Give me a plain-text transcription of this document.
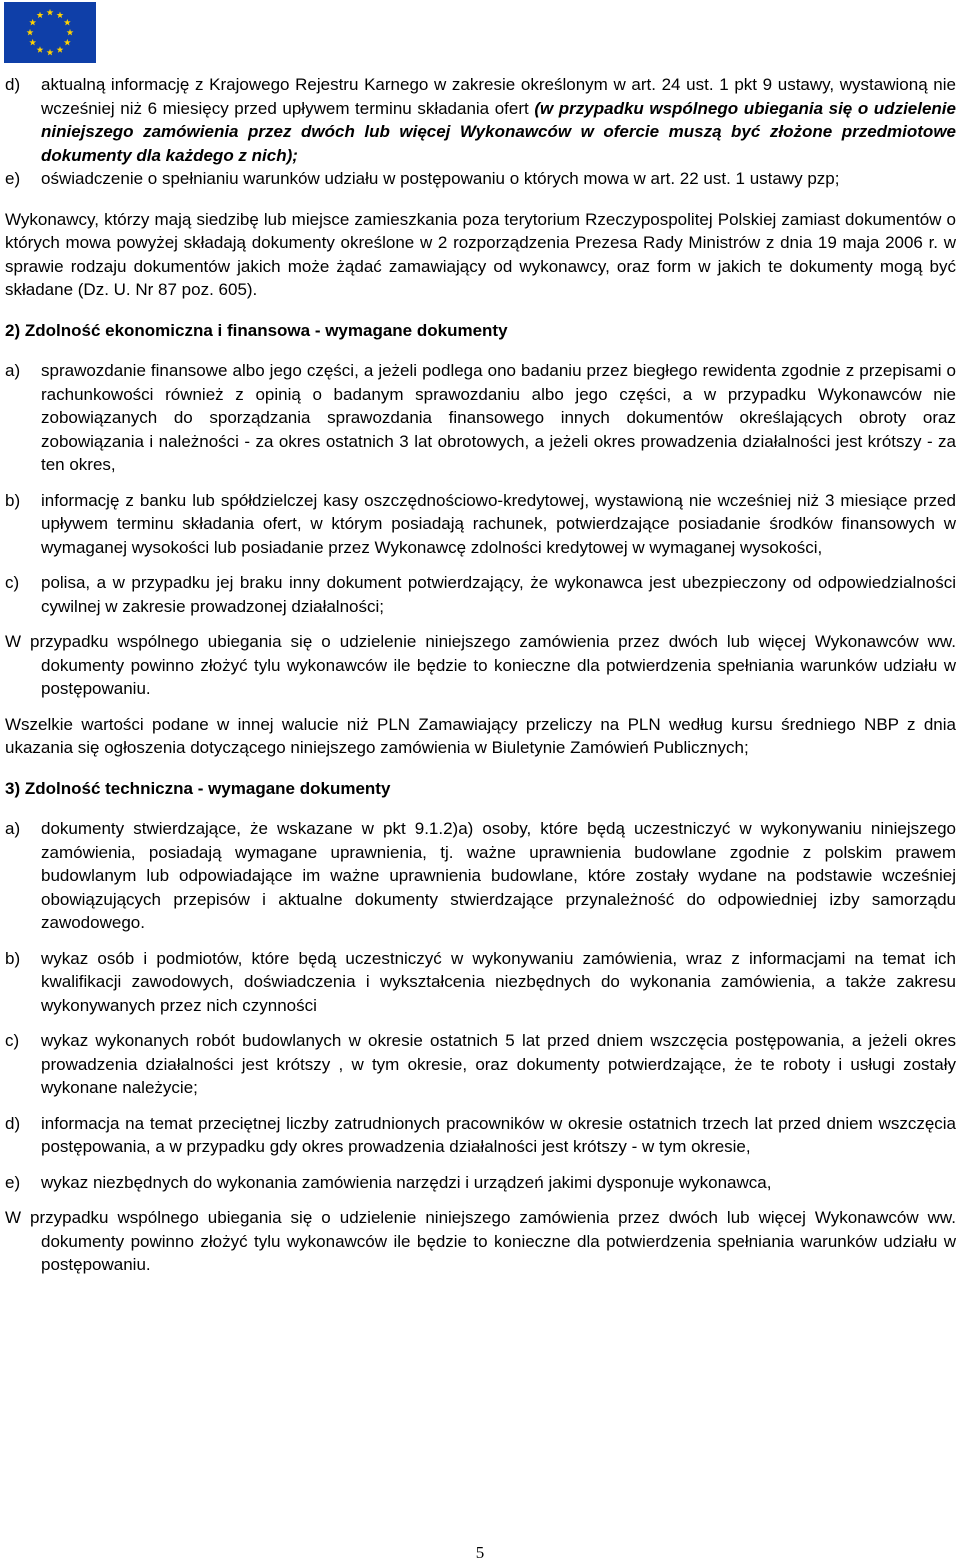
d)	aktualną informację z Krajowego Rejestru Karnego w zakresie określonym w art. 24 ust. 1 pkt 9 ustawy, wystawioną nie wcześniej niż 6 miesięcy przed upływem terminu składania ofert (w przypadku wspólnego ubiegania się o udzielenie niniejszego zamówienia przez dwóch lub więcej Wykonawców w ofercie muszą być złożone przedmiotowe dokumenty dla każdego z nich);
e)	oświadczenie o spełnianiu warunków udziału w postępowaniu o których mowa w art. 22 ust. 1 ustawy pzp;
Wykonawcy, którzy mają siedzibę lub miejsce zamieszkania poza terytorium Rzeczypospolitej Polskiej zamiast dokumentów o których mowa powyżej składają dokumenty określone w 2 rozporządzenia Prezesa Rady Ministrów z dnia 19 maja 2006 r. w sprawie rodzaju dokumentów jakich może żądać zamawiający od wykonawcy, oraz form w jakich te dokumenty mogą być składane (Dz. U. Nr 87 poz. 605).
2) Zdolność ekonomiczna i finansowa - wymagane dokumenty
a)	sprawozdanie finansowe albo jego części, a jeżeli podlega ono badaniu przez biegłego rewidenta zgodnie z przepisami o rachunkowości również z opinią o badanym sprawozdaniu albo jego części, a w przypadku Wykonawców nie zobowiązanych do sporządzania sprawozdania finansowego innych dokumentów określających obroty oraz zobowiązania i należności - za okres ostatnich 3 lat obrotowych, a jeżeli okres prowadzenia działalności jest krótszy - za ten okres,
b)	informację z banku lub spółdzielczej kasy oszczędnościowo-kredytowej, wystawioną nie wcześniej niż 3 miesiące przed upływem terminu składania ofert, w którym posiadają rachunek, potwierdzające posiadanie środków finansowych w wymaganej wysokości lub posiadanie przez Wykonawcę zdolności kredytowej w wymaganej wysokości,
c)	polisa, a w przypadku jej braku inny dokument potwierdzający, że wykonawca jest ubezpieczony od odpowiedzialności cywilnej w zakresie prowadzonej działalności;
W przypadku wspólnego ubiegania się o udzielenie niniejszego zamówienia przez dwóch lub więcej Wykonawców ww. dokumenty powinno złożyć tylu wykonawców ile będzie to konieczne dla potwierdzenia spełniania warunków udziału w postępowaniu.
Wszelkie wartości podane w innej walucie niż PLN Zamawiający przeliczy na PLN według kursu średniego NBP z dnia ukazania się ogłoszenia dotyczącego niniejszego zamówienia w Biuletynie Zamówień Publicznych;
3) Zdolność techniczna - wymagane dokumenty
a)	dokumenty stwierdzające, że wskazane w pkt 9.1.2)a) osoby, które będą uczestniczyć w wykonywaniu niniejszego zamówienia, posiadają wymagane uprawnienia, tj. ważne uprawnienia budowlane zgodnie z polskim prawem budowlanym lub odpowiadające im ważne uprawnienia budowlane, które zostały wydane na podstawie wcześniej obowiązujących przepisów i aktualne dokumenty stwierdzające przynależność do odpowiedniej izby samorządu zawodowego.
b)	wykaz osób i podmiotów, które będą uczestniczyć w wykonywaniu zamówienia, wraz z informacjami na temat ich kwalifikacji zawodowych, doświadczenia i wykształcenia niezbędnych do wykonania zamówienia, a także zakresu wykonywanych przez nich czynności
c)	wykaz wykonanych robót budowlanych w okresie ostatnich 5 lat przed dniem wszczęcia postępowania, a jeżeli okres prowadzenia działalności jest krótszy , w tym okresie, oraz dokumenty potwierdzające, że te roboty i usługi zostały wykonane należycie;
d)	informacja na temat przeciętnej liczby zatrudnionych pracowników w okresie ostatnich trzech lat przed dniem wszczęcia postępowania, a w przypadku gdy okres prowadzenia działalności jest krótszy - w tym okresie,
e)	wykaz niezbędnych do wykonania zamówienia narzędzi i urządzeń jakimi dysponuje wykonawca,
W przypadku wspólnego ubiegania się o udzielenie niniejszego zamówienia przez dwóch lub więcej Wykonawców ww. dokumenty powinno złożyć tylu wykonawców ile będzie to konieczne dla potwierdzenia spełniania warunków udziału w postępowaniu.
5
